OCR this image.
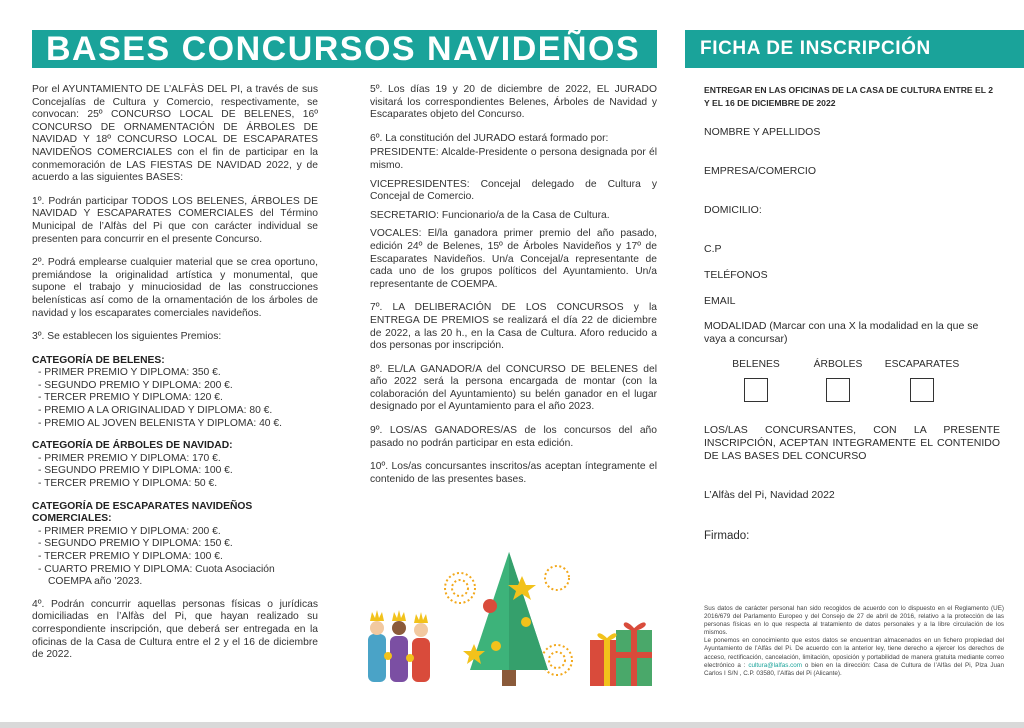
BASES CONCURSOS NAVIDEÑOS	FICHA DE INSCRIPCIÓN

Por el AYUNTAMIENTO DE L’ALFÀS DEL PI, a través de sus Concejalías de Cultura y Comercio, respectivamente, se convocan: 25º CONCURSO LOCAL DE BELENES, 16º CONCURSO DE ORNAMENTACIÓN DE ÁRBOLES DE NAVIDAD Y 18º CONCURSO LOCAL DE ESCAPARATES NAVIDEÑOS COMERCIALES con el fin de participar en la conmemoración de LAS FIESTAS DE NAVIDAD 2022, y de acuerdo a las siguientes BASES:

1º. Podrán participar TODOS LOS BELENES, ÁRBOLES DE NAVIDAD Y ESCAPARATES COMERCIALES del Término Municipal de l’Alfàs del Pi que con carácter individual se presenten para concurrir en el presente Concurso.

2º. Podrá emplearse cualquier material que se crea oportuno, premiándose la originalidad artística y monumental, que supone el trabajo y minuciosidad de las construcciones belenísticas así como de la ornamentación de los árboles de navidad y los escaparates comerciales navideños.

3º. Se establecen los siguientes Premios:

CATEGORÍA DE BELENES:
- PRIMER PREMIO Y DIPLOMA: 350 €.
- SEGUNDO PREMIO Y DIPLOMA: 200 €.
- TERCER PREMIO Y DIPLOMA: 120 €.
- PREMIO A LA ORIGINALIDAD Y DIPLOMA: 80 €.
- PREMIO AL JOVEN BELENISTA Y DIPLOMA: 40 €.
CATEGORÍA DE ÁRBOLES DE NAVIDAD:
- PRIMER PREMIO Y DIPLOMA: 170 €.
- SEGUNDO PREMIO Y DIPLOMA: 100 €.
- TERCER PREMIO Y DIPLOMA: 50 €.
CATEGORÍA DE ESCAPARATES NAVIDEÑOS COMERCIALES:
- PRIMER PREMIO Y DIPLOMA: 200 €.
- SEGUNDO PREMIO Y DIPLOMA: 150 €.
- TERCER PREMIO Y DIPLOMA: 100 €.
- CUARTO PREMIO Y DIPLOMA: Cuota Asociación COEMPA año ’2023.

4º. Podrán concurrir aquellas personas físicas o jurídicas domiciliadas en l’Alfàs del Pi, que hayan realizado su correspondiente inscripción, que deberá ser entregada en la oficinas de la Casa de Cultura entre el 2 y el 16 de diciembre de 2022.

5º. Los días 19 y 20 de diciembre de 2022, EL JURADO visitará los correspondientes Belenes, Árboles de Navidad y Escaparates objeto del Concurso.

6º. La constitución del JURADO estará formado por:

PRESIDENTE: Alcalde-Presidente o persona designada por él mismo.

VICEPRESIDENTES: Concejal delegado de Cultura y Concejal de Comercio.

SECRETARIO: Funcionario/a de la Casa de Cultura.

VOCALES: El/la ganadora primer premio del año pasado, edición 24º de Belenes, 15º de Árboles Navideños y 17º de Escaparates Navideños. Un/a Concejal/a representante de cada uno de los grupos políticos del Ayuntamiento. Un/a representante de COEMPA.

7º. LA DELIBERACIÓN DE LOS CONCURSOS y la ENTREGA DE PREMIOS se realizará el día 22 de diciembre de 2022, a las 20 h., en la Casa de Cultura. Aforo reducido a dos personas por inscripción.

8º. EL/LA GANADOR/A del CONCURSO DE BELENES del año 2022 será la persona encargada de montar (con la colaboración del Ayuntamiento) su belén ganador en el lugar designado por el Ayuntamiento para el año 2023.

9º. LOS/AS GANADORES/AS de los concursos del año pasado no podrán participar en esta edición.

10º. Los/as concursantes inscritos/as aceptan íntegramente el contenido de las presentes bases.

ENTREGAR EN LAS OFICINAS DE LA CASA DE CULTURA ENTRE EL 2 Y EL 16 DE DICIEMBRE DE 2022
NOMBRE Y APELLIDOS
EMPRESA/COMERCIO
DOMICILIO:
C.P
TELÉFONOS
EMAIL
MODALIDAD (Marcar con una X la modalidad en la que se vaya a concursar)
BELENES	ÁRBOLES	ESCAPARATES
LOS/LAS CONCURSANTES, CON LA PRESENTE INSCRIPCIÓN, ACEPTAN INTEGRAMENTE EL CONTENIDO DE LAS BASES DEL CONCURSO
L’Alfàs del Pi, Navidad 2022
Firmado:
Sus datos de carácter personal han sido recogidos de acuerdo con lo dispuesto en el Reglamento (UE) 2016/679 del Parlamento Europeo y del Consejo de 27 de abril de 2016, relativo a la protección de las personas físicas en lo que respecta al tratamiento de datos personales y a la libre circulación de los mismos.
Le ponemos en conocimiento que estos datos se encuentran almacenados en un fichero propiedad del Ayuntamiento de l’Alfàs del Pi. De acuerdo con la anterior ley, tiene derecho a ejercer los derechos de acceso, rectificación, cancelación, limitación, oposición y portabilidad de manera gratuita mediante correo electrónico a : cultura@lalfas.com o bien en la dirección: Casa de Cultura de l’Alfàs del Pi, Plza Juan Carlos I S/N , C.P. 03580, l’Alfàs del Pi (Alicante).
